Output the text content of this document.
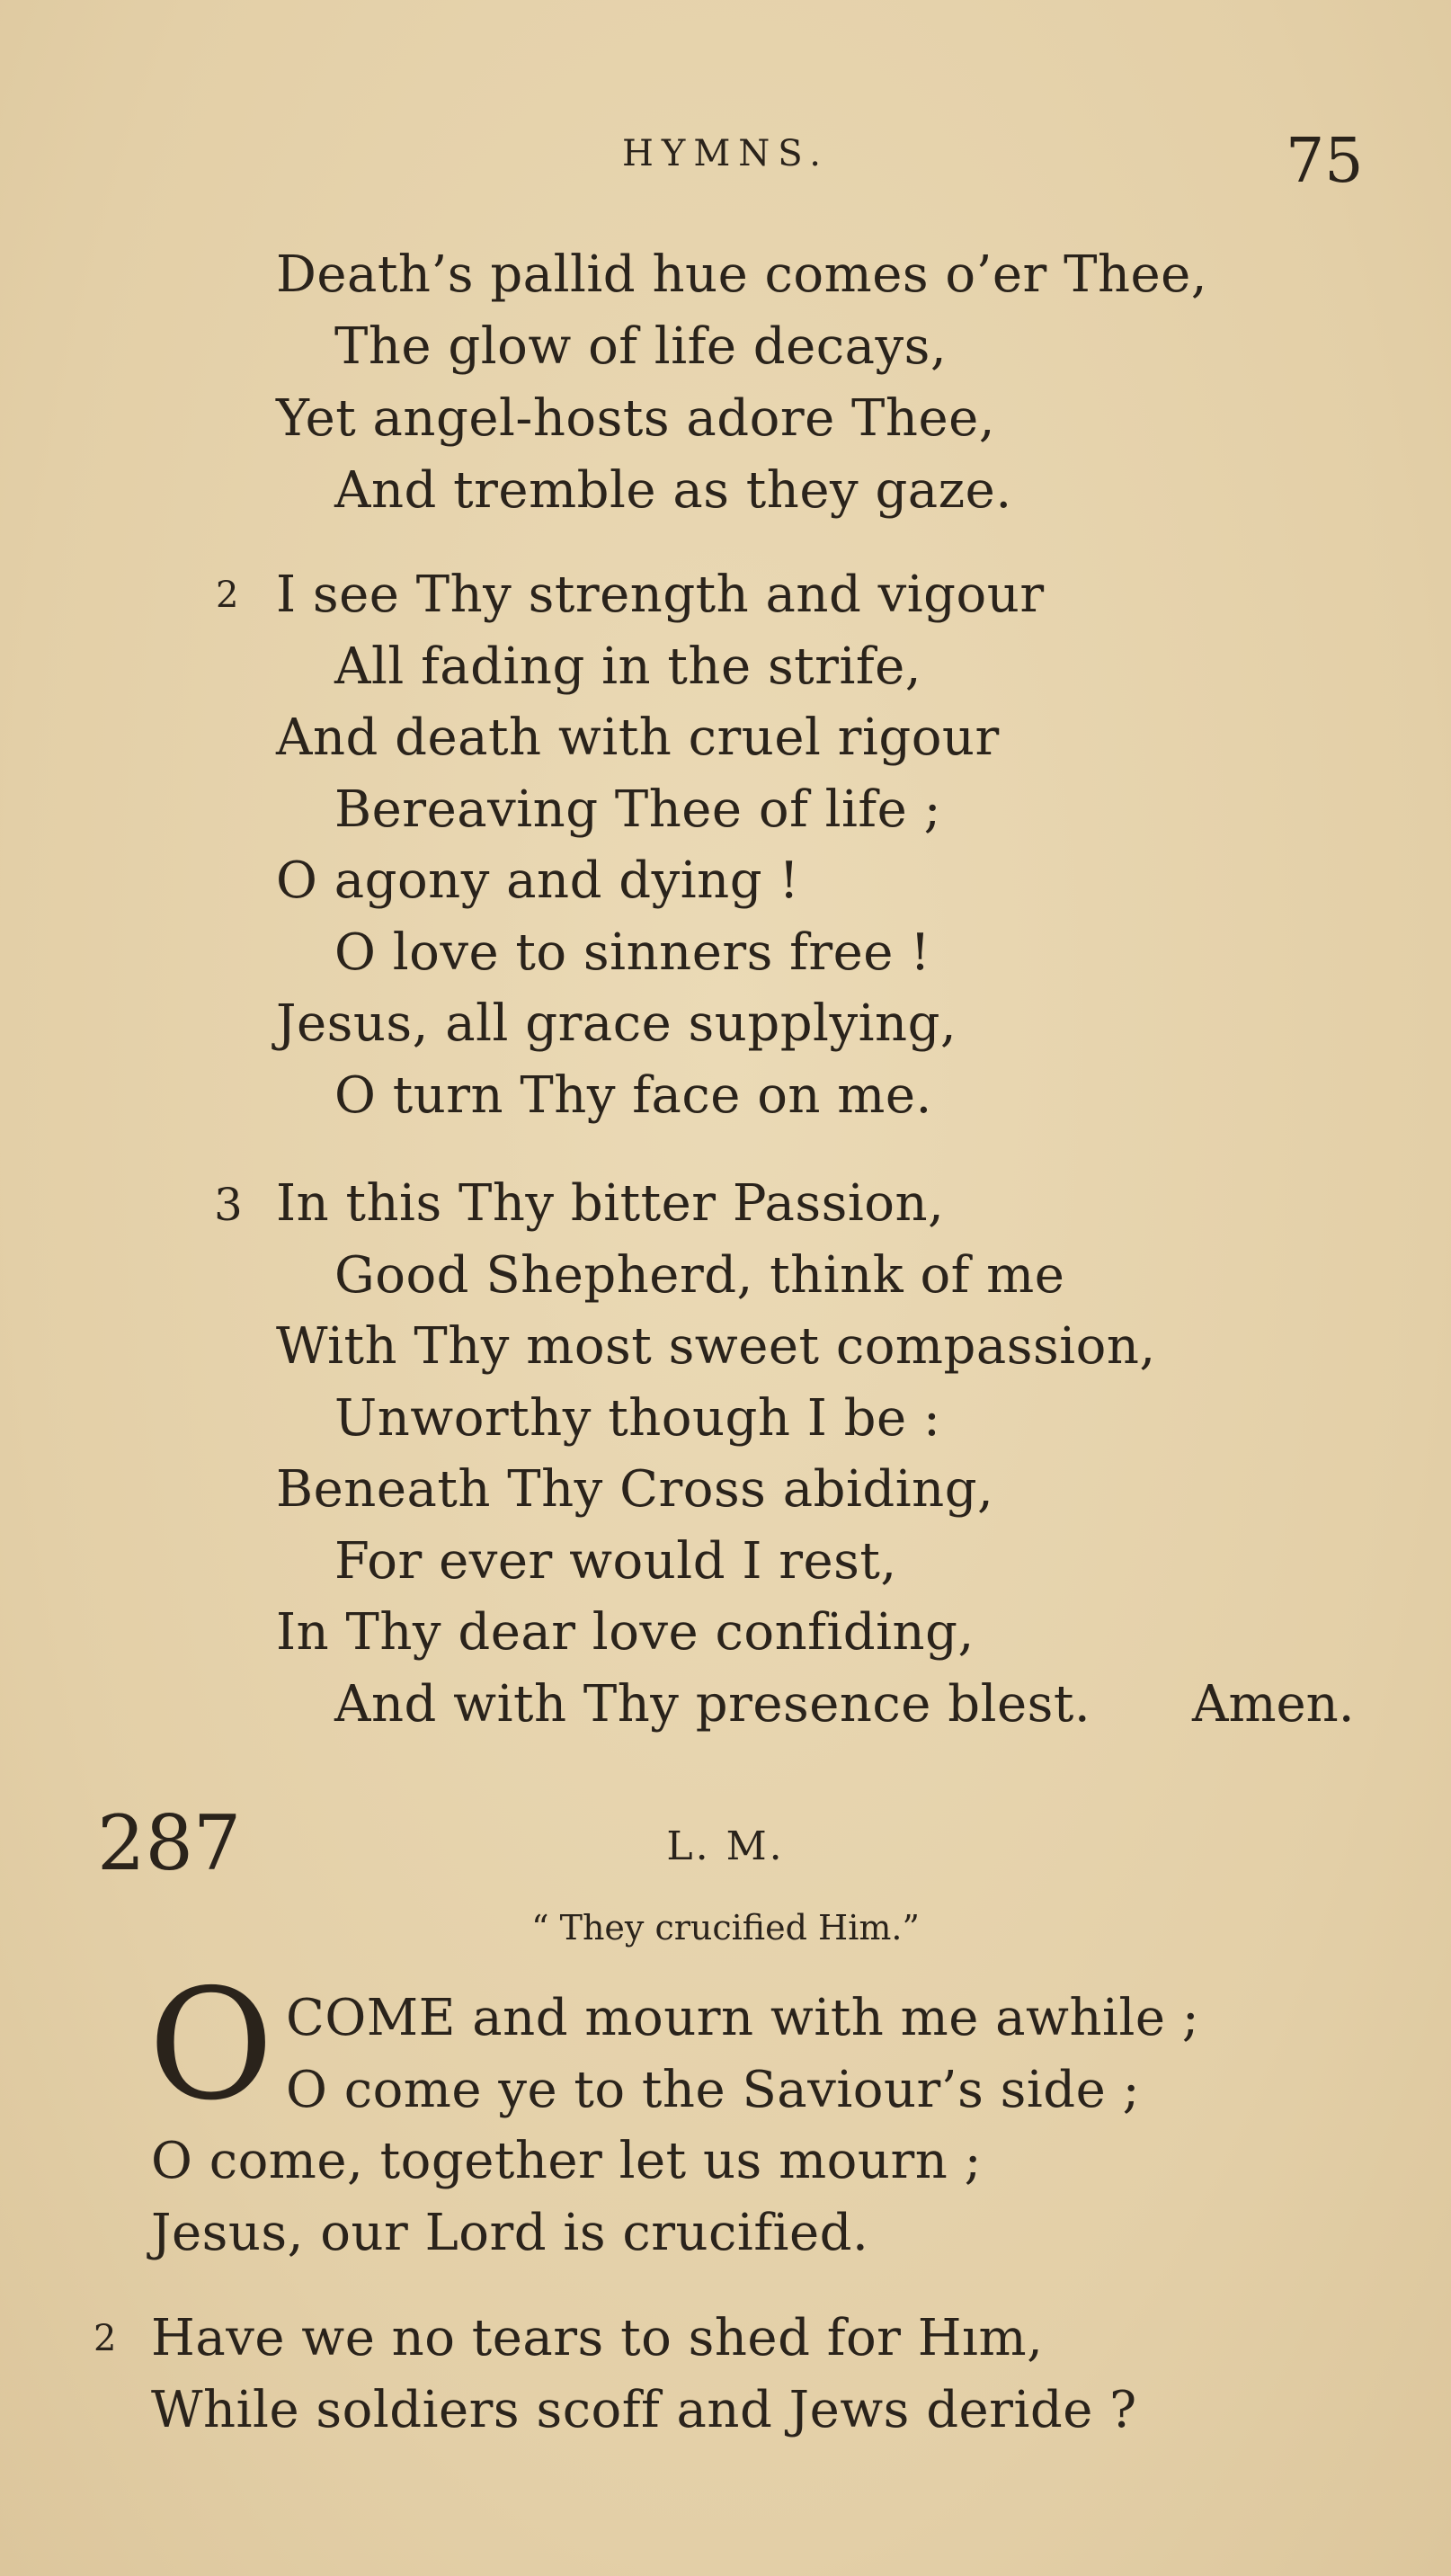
HYMNS.	75
Death’s pallid hue comes o’er Thee,
The glow of life decays,
Yet angel-hosts adore Thee,
And tremble as they gaze.
2 I see Thy strength and vigour
All fading in the strife,
And death with cruel rigour
Bereaving Thee of life ;
O agony and dying !
O love to sinners free !
Jesus, all grace supplying,
O turn Thy face on me.
3 In this Thy bitter Passion,
Good Shepherd, think of me
With Thy most sweet compassion,
Unworthy though I be :
Beneath Thy Cross abiding,
For ever would I rest,
In Thy dear love confiding,
And with Thy presence blest. Amen.
287	L. M.
“ They crucified Him.”
O COME and mourn with me awhile ;
O come ye to the Saviour’s side ;
O come, together let us mourn ;
Jesus, our Lord is crucified.
2 Have we no tears to shed for Hım,
While soldiers scoff and Jews deride ?
